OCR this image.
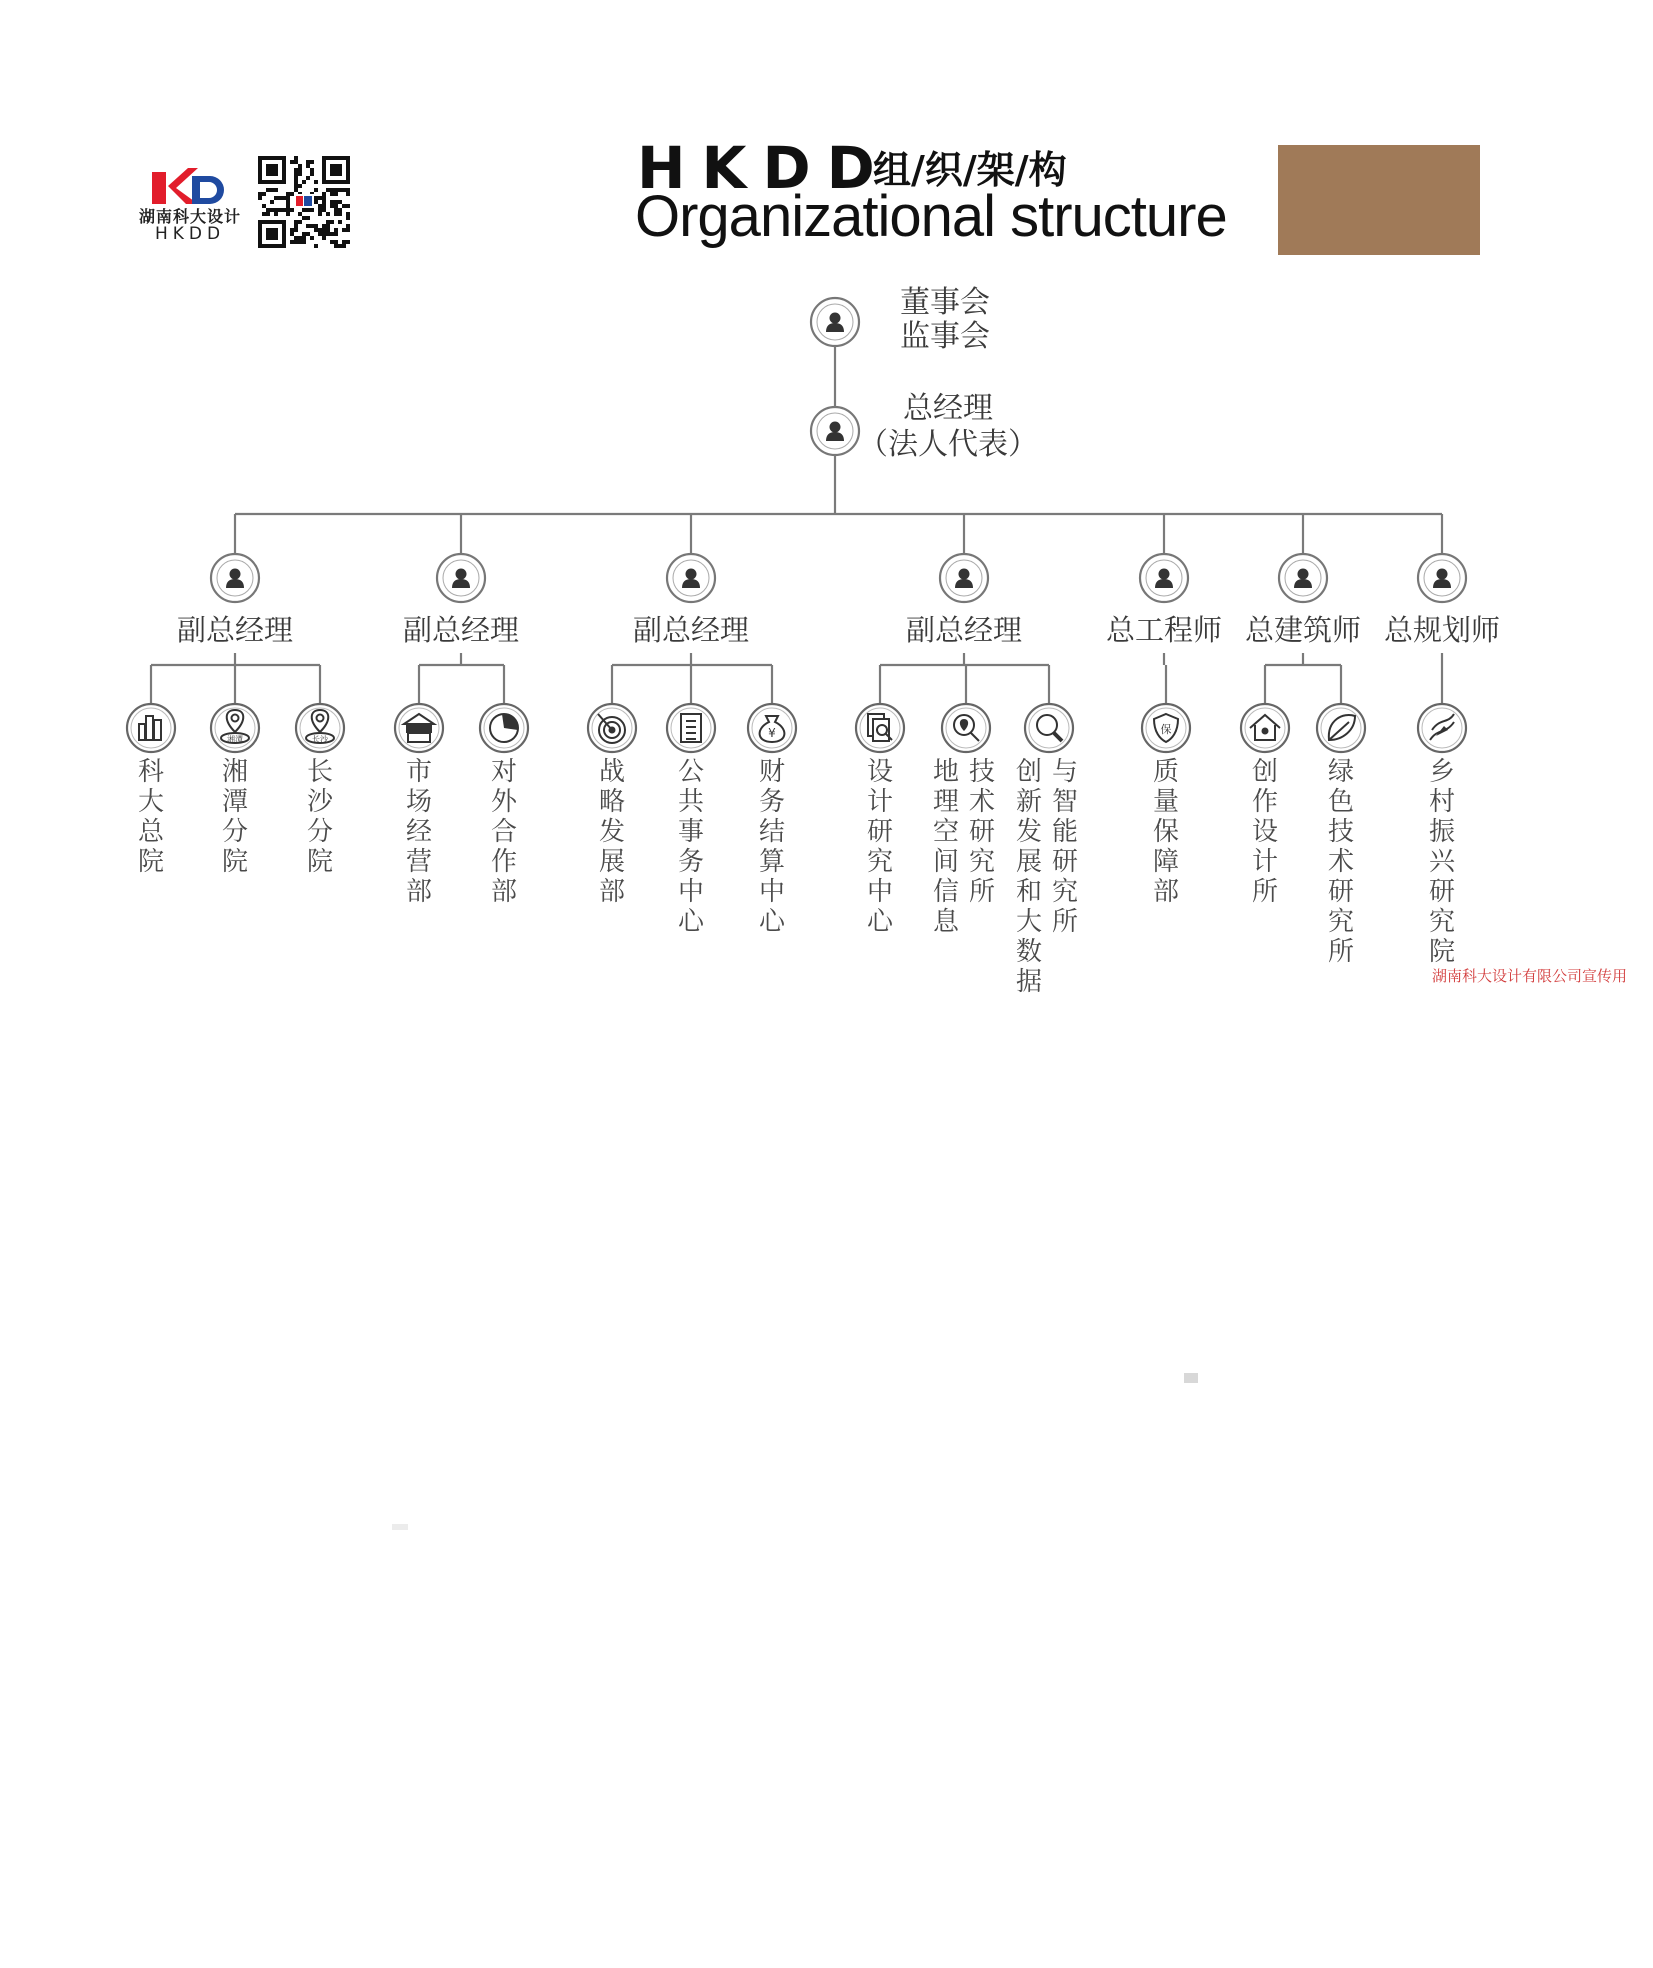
湖南科大设计
HKDD
HKDD
组/织/架/构
Organizational structure
湘潭	长沙	¥	保
董事会
监事会
总经理
（法人代表）
副总经理
科大总院
湘潭分院
长沙分院
副总经理
市场经营部
对外合作部
副总经理
战略发展部
公共事务中心
财务结算中心
副总经理
设计研究中心
地理空间信息
技术研究所
创新发展和大数据
与智能研究所
总工程师
质量保障部
总建筑师
创作设计所
绿色技术研究所
总规划师
乡村振兴研究院
湖南科大设计有限公司宣传用
